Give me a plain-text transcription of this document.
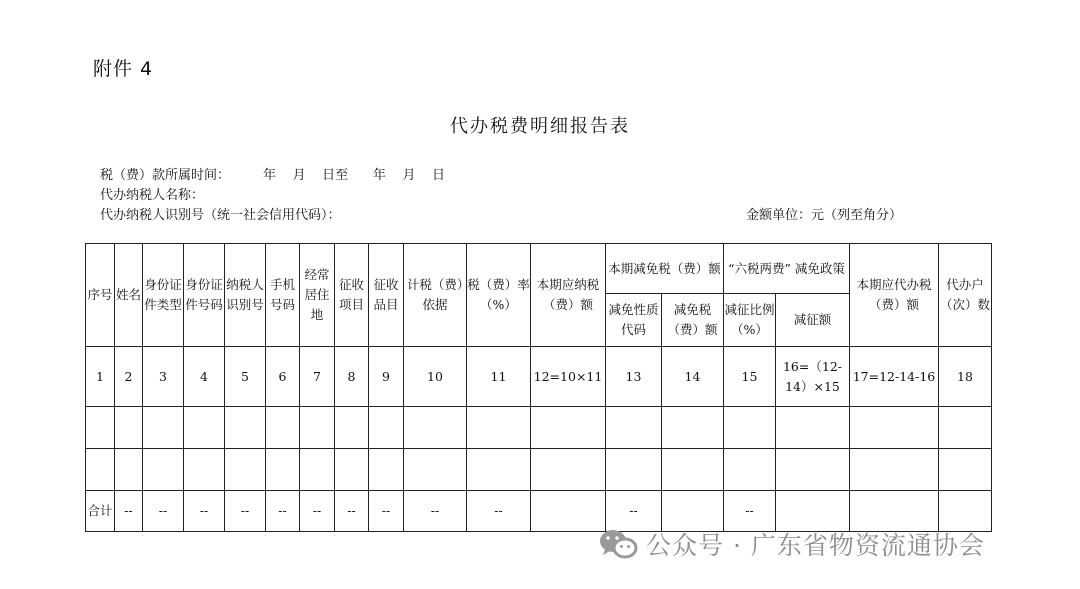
附件 4
代办税费明细报告表
税（费）款所属时间：        年    月    日至      年    月    日
代办纳税人名称：
代办纳税人识别号（统一社会信用代码）：	金额单位：元（列至角分）
序号	姓名	身份证件类型	身份证件号码	纳税人识别号	手机号码	经常居住地	征收项目	征收品目	计税（费）依据	税（费）率（%）	本期应纳税（费）额	本期减免税（费）额		“六税两费” 减免政策		本期应代办税（费）额	代办户（次）数
												减免性质代码	减免税（费）额	减征比例（%）	减征额		
1	2	3	4	5	6	7	8	9	10	11	12=10×11	13	14	15	16=（12-14）×15	17=12-14-16	18

合计	--	--	--	--	--	--	--	--	--	--		--		--			
公众号 · 广东省物资流通协会
